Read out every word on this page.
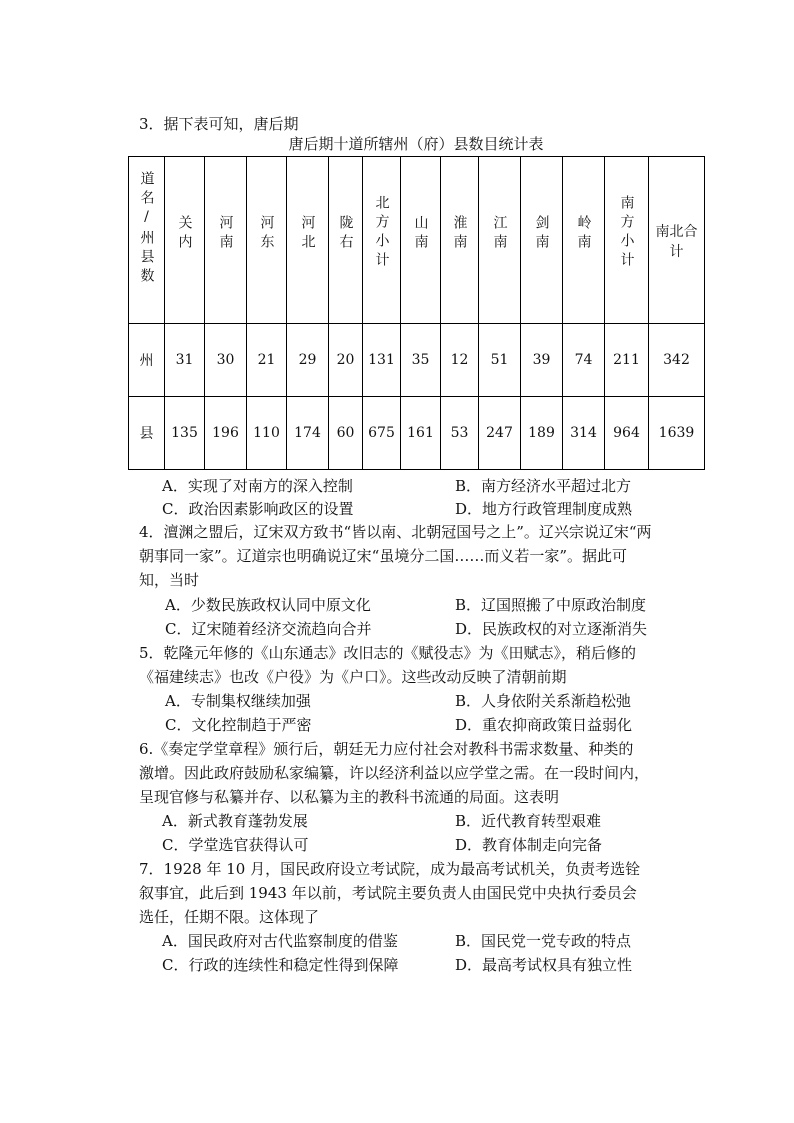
3．据下表可知，唐后期
唐后期十道所辖州（府）县数目统计表
道名/州县数	关内	河南	河东	河北	陇右	北方小计	山南	淮南	江南	剑南	岭南	南方小计	南北合计

州	31	30	21	29	20	131	35	12	51	39	74	211	342
县	135	196	110	174	60	675	161	53	247	189	314	964	1639
A．实现了对南方的深入控制	B．南方经济水平超过北方
C．政治因素影响政区的设置	D．地方行政管理制度成熟
4．澶渊之盟后，辽宋双方致书“皆以南、北朝冠国号之上”。辽兴宗说辽宋“两
朝事同一家”。辽道宗也明确说辽宋“虽境分二国……而义若一家”。据此可
知，当时
A．少数民族政权认同中原文化	B．辽国照搬了中原政治制度
C．辽宋随着经济交流趋向合并	D．民族政权的对立逐渐消失
5．乾隆元年修的《山东通志》改旧志的《赋役志》为《田赋志》，稍后修的
《福建续志》也改《户役》为《户口》。这些改动反映了清朝前期
A．专制集权继续加强	B．人身依附关系渐趋松弛
C．文化控制趋于严密	D．重农抑商政策日益弱化
6.《奏定学堂章程》颁行后，朝廷无力应付社会对教科书需求数量、种类的
激增。因此政府鼓励私家编纂，许以经济利益以应学堂之需。在一段时间内，
呈现官修与私纂并存、以私纂为主的教科书流通的局面。这表明
A．新式教育蓬勃发展	B．近代教育转型艰难
C．学堂选官获得认可	D．教育体制走向完备
7．1928 年 10 月，国民政府设立考试院，成为最高考试机关，负责考选铨
叙事宜，此后到 1943 年以前，考试院主要负责人由国民党中央执行委员会
选任，任期不限。这体现了
A．国民政府对古代监察制度的借鉴	B．国民党一党专政的特点
C．行政的连续性和稳定性得到保障	D．最高考试权具有独立性
